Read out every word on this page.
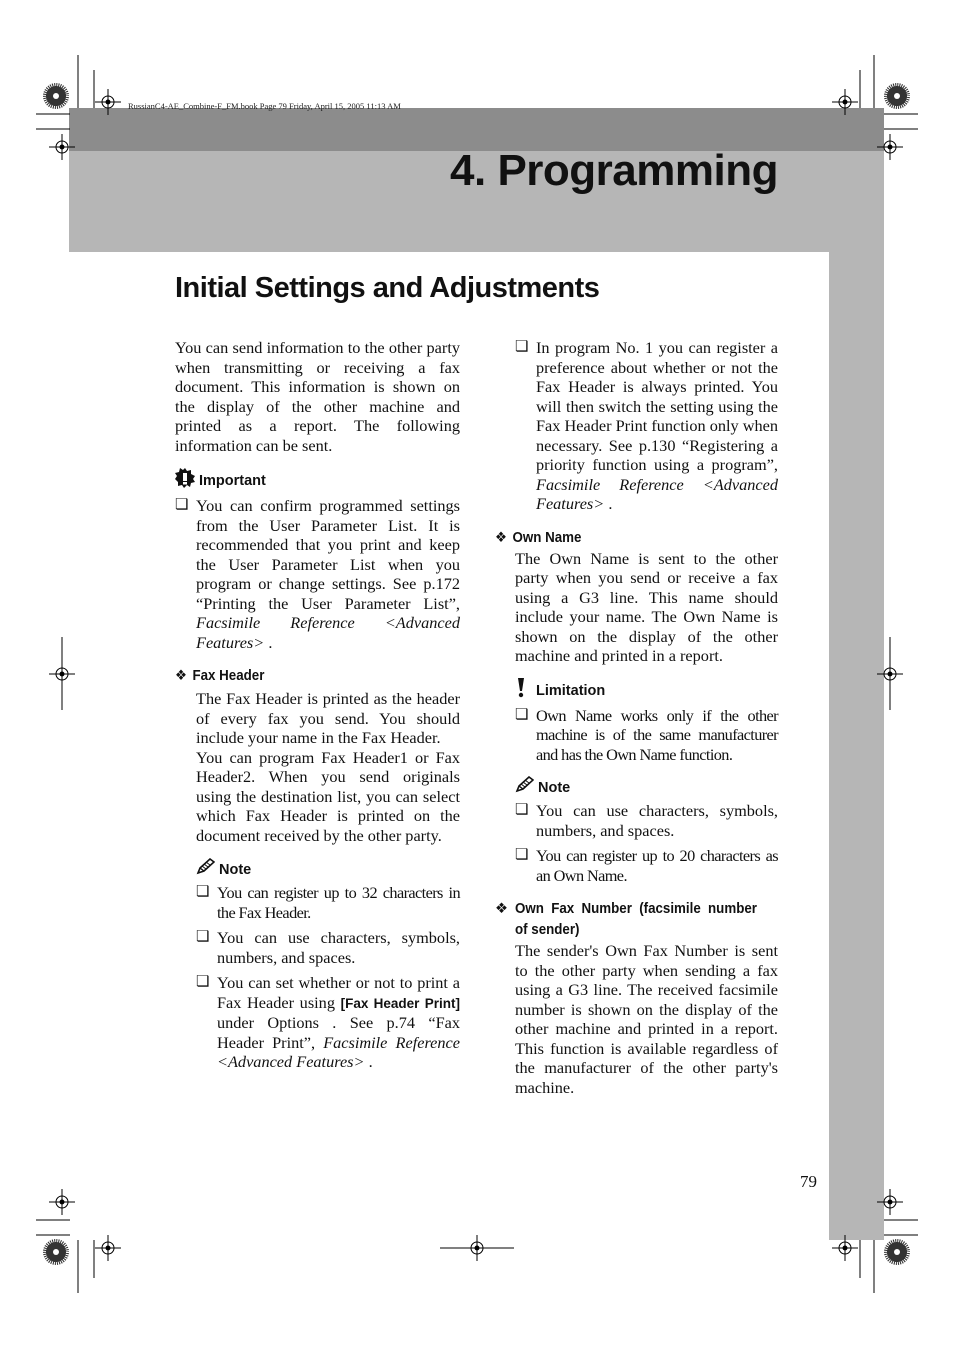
RussianC4-AE_Combine-F_FM.book Page 79 Friday, April 15, 2005 11:13 AM
4. Programming
Initial Settings and Adjustments

You can send information to the other party when transmitting or receiving a fax document. This information is shown on the display of the other machine and printed as a report. The following information can be sent.

Important
❏ You can confirm programmed settings from the User Parameter List. It is recommended that you print and keep the User Parameter List when you program or change settings. See p.172 “Printing the User Parameter List”, Facsimile Reference <Advanced Features> .
❖ Fax Header

The Fax Header is printed as the header of every fax you send. You should include your name in the Fax Header.

You can program Fax Header1 or Fax Header2. When you send originals using the destination list, you can select which Fax Header is printed on the document received by the other party.

Note
❏ You can register up to 32 characters in the Fax Header.
❏ You can use characters, symbols, numbers, and spaces.
❏ You can set whether or not to print a Fax Header using [Fax Header Print] under Options . See p.74 “Fax Header Print”, Facsimile Reference <Advanced Features> .
❏ In program No. 1 you can register a preference about whether or not the Fax Header is always printed. You will then switch the setting using the Fax Header Print function only when necessary. See p.130 “Registering a priority function using a program”, Facsimile Reference <Advanced Features> .
❖ Own Name

The Own Name is sent to the other party when you send or receive a fax using a G3 line. This name should include your name. The Own Name is shown on the display of the other machine and printed in a report.

Limitation
❏ Own Name works only if the other machine is of the same manufacturer and has the Own Name function.
Note
❏ You can use characters, symbols, numbers, and spaces.
❏ You can register up to 20 characters as an Own Name.
❖ Own Fax Number (facsimile number of sender)

The sender's Own Fax Number is sent to the other party when sending a fax using a G3 line. The received facsimile number is shown on the display of the other machine and printed in a report. This function is available regardless of the manufacturer of the other party's machine.

79
